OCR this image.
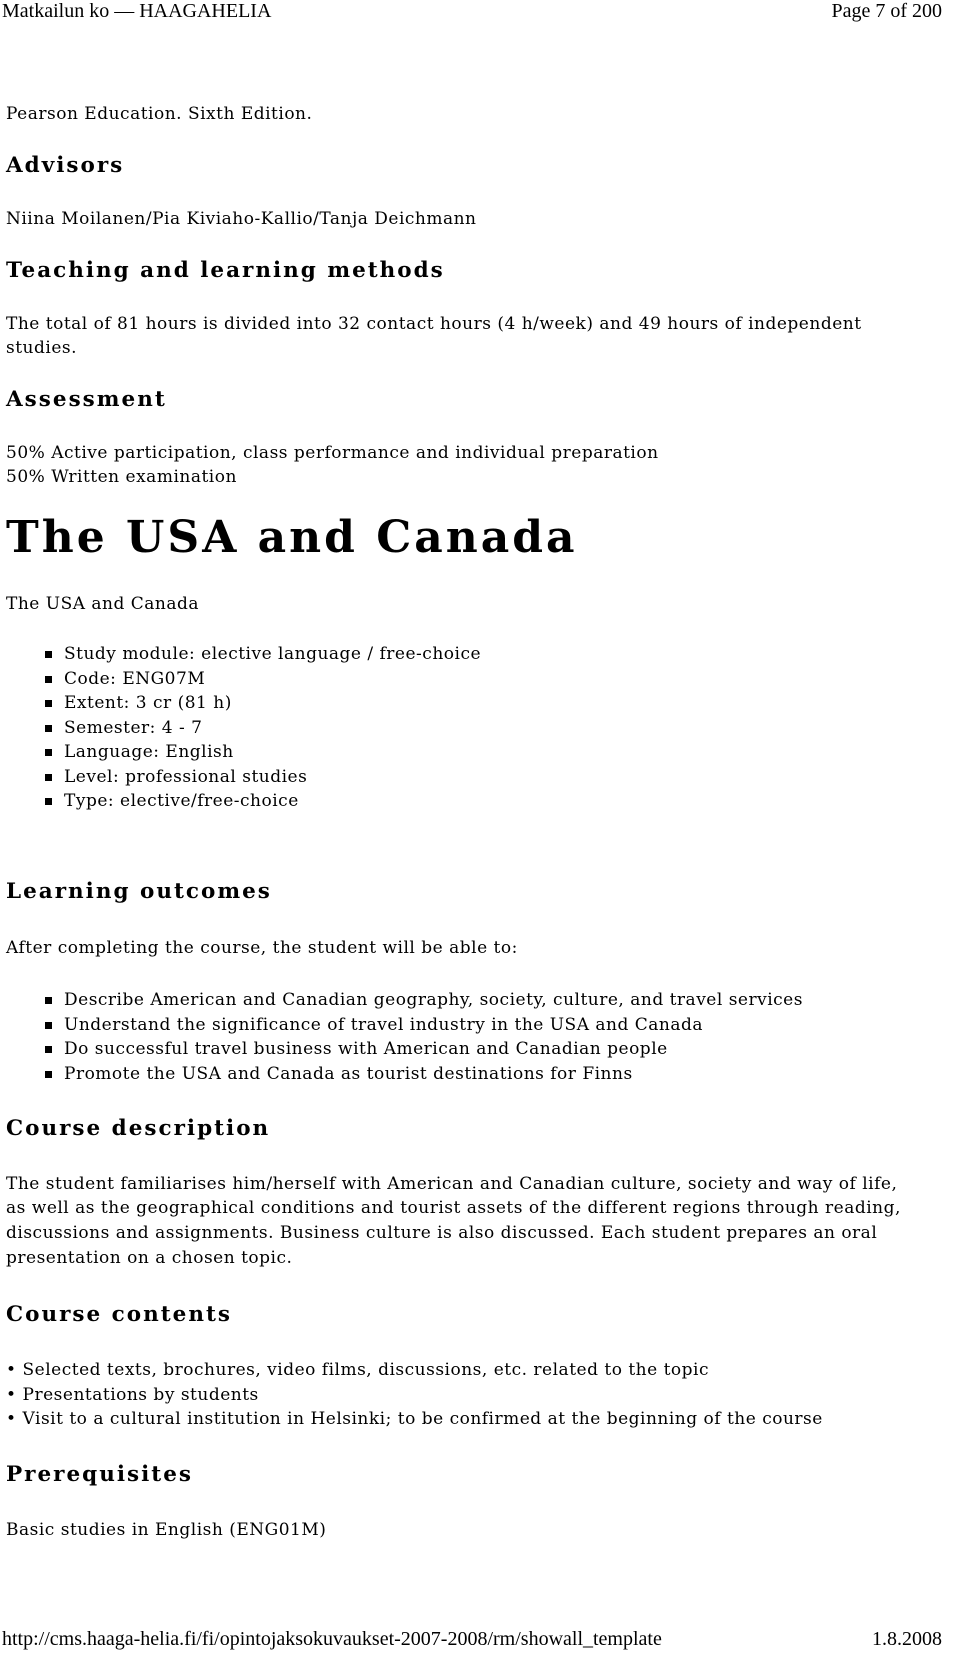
Matkailun ko — HAAGAHELIA	Page 7 of 200

Pearson Education. Sixth Edition.

Advisors

Niina Moilanen/Pia Kiviaho-Kallio/Tanja Deichmann

Teaching and learning methods

The total of 81 hours is divided into 32 contact hours (4 h/week) and 49 hours of independent

studies.

Assessment

50% Active participation, class performance and individual preparation

50% Written examination

The USA and Canada

The USA and Canada

Study module: elective language / free-choice
Code: ENG07M
Extent: 3 cr (81 h)
Semester: 4 - 7
Language: English
Level: professional studies
Type: elective/free-choice
Learning outcomes

After completing the course, the student will be able to:

Describe American and Canadian geography, society, culture, and travel services
Understand the significance of travel industry in the USA and Canada
Do successful travel business with American and Canadian people
Promote the USA and Canada as tourist destinations for Finns
Course description

The student familiarises him/herself with American and Canadian culture, society and way of life,

as well as the geographical conditions and tourist assets of the different regions through reading,

discussions and assignments. Business culture is also discussed. Each student prepares an oral

presentation on a chosen topic.

Course contents
• Selected texts, brochures, video films, discussions, etc. related to the topic
• Presentations by students
• Visit to a cultural institution in Helsinki; to be confirmed at the beginning of the course
Prerequisites

Basic studies in English (ENG01M)

http://cms.haaga-helia.fi/fi/opintojaksokuvaukset-2007-2008/rm/showall_template	1.8.2008
